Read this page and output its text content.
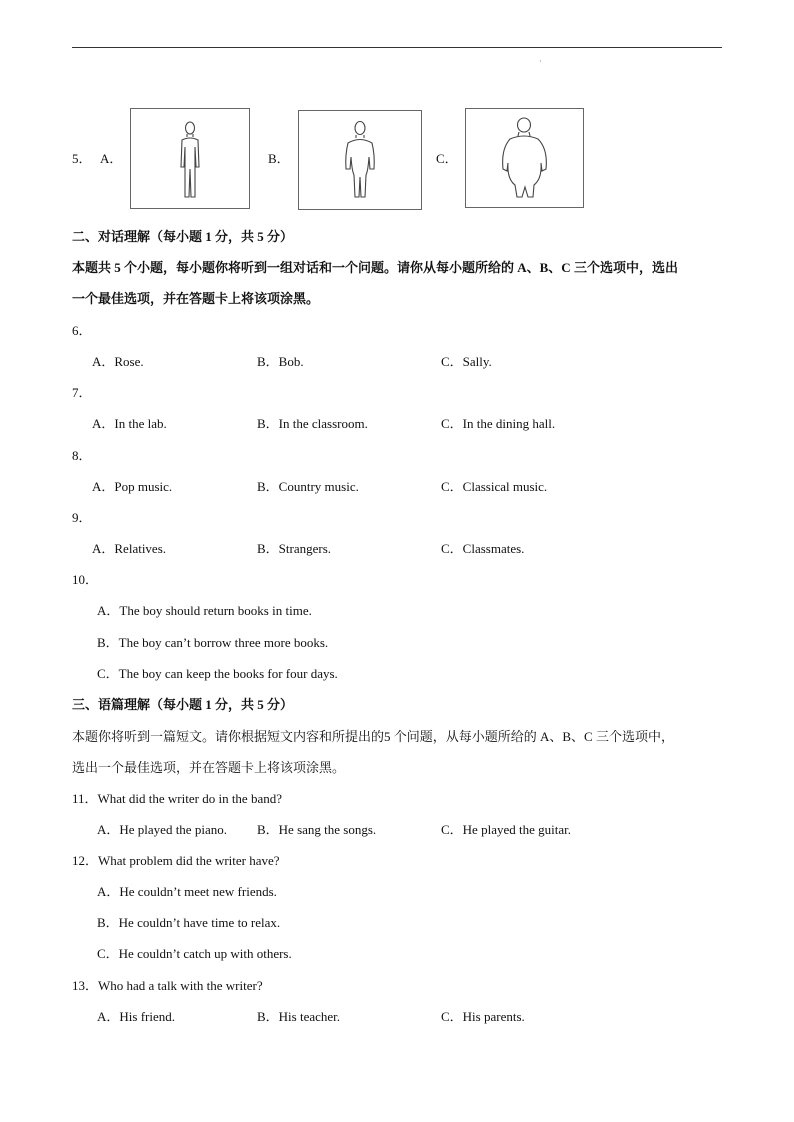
·
5． A．	B．	C．
二、对话理解（每小题 1 分，共 5 分）
本题共 5 个小题，每小题你将听到一组对话和一个问题。请你从每小题所给的 A、B、C 三个选项中，选出
一个最佳选项，并在答题卡上将该项涂黑。
6．
A．Rose.	B．Bob.	C．Sally.
7．
A．In the lab.	B．In the classroom.	C．In the dining hall.
8．
A．Pop music.	B．Country music.	C．Classical music.
9．
A．Relatives.	B．Strangers.	C．Classmates.
10．
A．The boy should return books in time.
B．The boy can’t borrow three more books.
C．The boy can keep the books for four days.
三、语篇理解（每小题 1 分，共 5 分）
本题你将听到一篇短文。请你根据短文内容和所提出的5 个问题，从每小题所给的 A、B、C 三个选项中，
选出一个最佳选项，并在答题卡上将该项涂黑。
11．What did the writer do in the band?
A．He played the piano. B．He sang the songs.	C．He played the guitar.
12．What problem did the writer have?
A．He couldn’t meet new friends.
B．He couldn’t have time to relax.
C．He couldn’t catch up with others.
13．Who had a talk with the writer?
A．His friend.	B．His teacher.	C．His parents.
